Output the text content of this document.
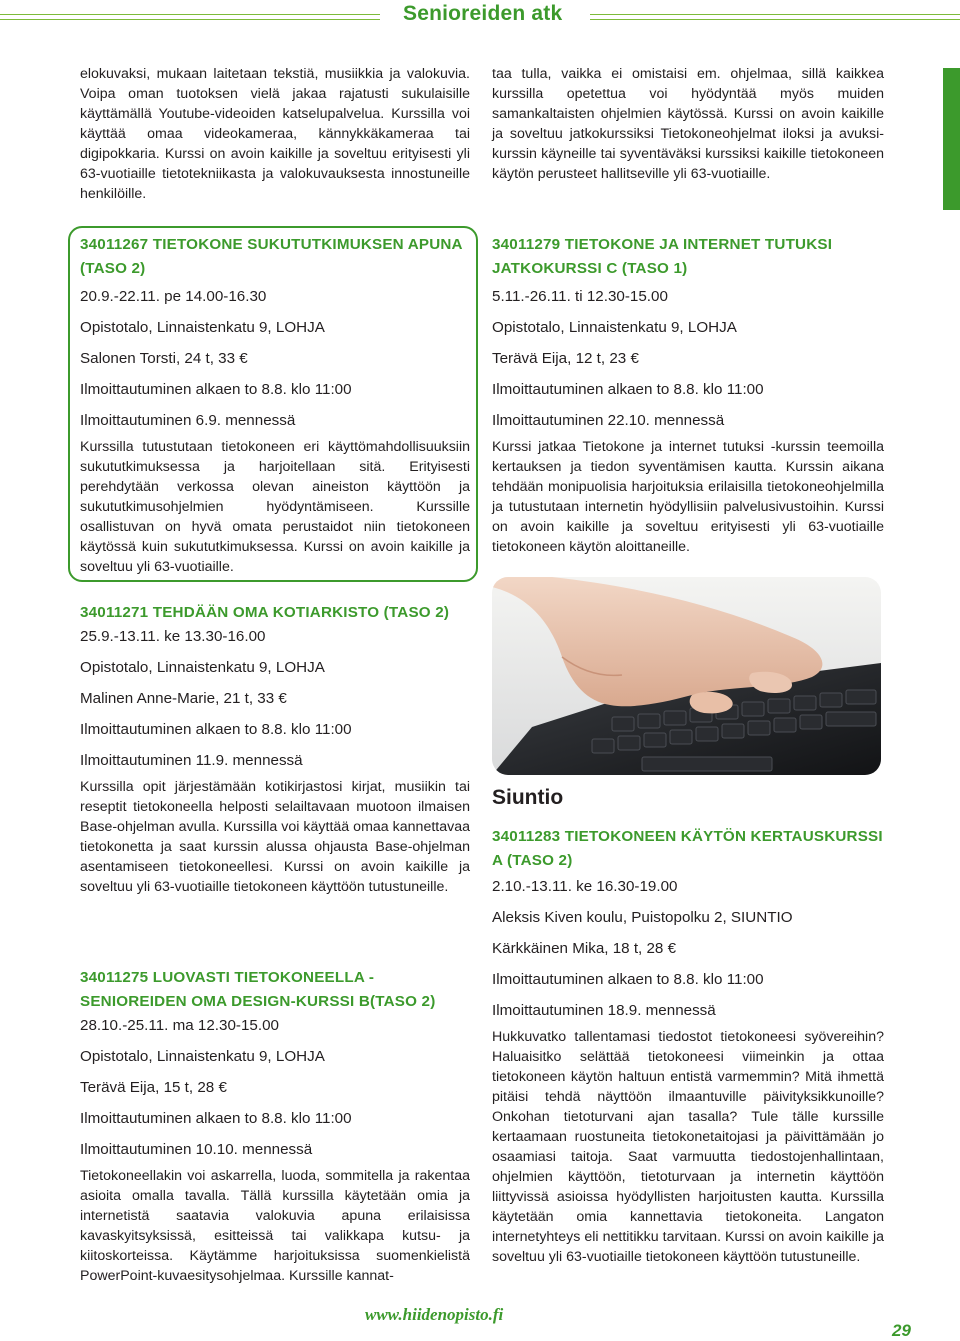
Senioreiden atk

elokuvaksi, mukaan laitetaan tekstiä, musiikkia ja valokuvia. Voipa oman tuotoksen vielä jakaa rajatusti sukulaisille käyttämällä Youtube-videoiden katselupalvelua. Kurssilla voi käyttää omaa videokameraa, kännykkäkameraa tai digipokkaria. Kurssi on avoin kaikille ja soveltuu erityisesti yli 63-vuotiaille tietotekniikasta ja valokuvauksesta innostuneille henkilöille.

taa tulla, vaikka ei omistaisi em. ohjelmaa, sillä kaikkea kurssilla opetettua voi hyödyntää myös muiden samankaltaisten ohjelmien käytössä. Kurssi on avoin kaikille ja soveltuu jatkokurssiksi Tietokoneohjelmat iloksi ja avuksi-kurssin käyneille tai syventäväksi kurssiksi kaikille tietokoneen käytön perusteet hallitseville yli 63-vuotiaille.

34011267 TIETOKONE SUKUTUTKIMUKSEN APUNA (TASO 2)

20.9.-22.11. pe 14.00-16.30

Opistotalo, Linnaistenkatu 9, LOHJA

Salonen Torsti, 24 t, 33 €

Ilmoittautuminen alkaen to 8.8. klo 11:00

Ilmoittautuminen 6.9. mennessä

Kurssilla tutustutaan tietokoneen eri käyttömahdollisuuksiin sukututkimuksessa ja harjoitellaan sitä. Erityisesti perehdytään verkossa olevan aineiston käyttöön ja sukututkimusohjelmien hyödyntämiseen. Kurssille osallistuvan on hyvä omata perustaidot niin tietokoneen käytössä kuin sukututkimuksessa. Kurssi on avoin kaikille ja soveltuu yli 63-vuotiaille.

34011271 TEHDÄÄN OMA KOTIARKISTO (TASO 2)

25.9.-13.11. ke 13.30-16.00

Opistotalo, Linnaistenkatu 9, LOHJA

Malinen Anne-Marie, 21 t, 33 €

Ilmoittautuminen alkaen to 8.8. klo 11:00

Ilmoittautuminen 11.9. mennessä

Kurssilla opit järjestämään kotikirjastosi kirjat, musiikin tai reseptit tietokoneella helposti selailtavaan muotoon ilmaisen Base-ohjelman avulla. Kurssilla voi käyttää omaa kannettavaa tietokonetta ja saat kurssin alussa ohjausta Base-ohjelman asentamiseen tietokoneellesi. Kurssi on avoin kaikille ja soveltuu yli 63-vuotiaille tietokoneen käyttöön tutustuneille.

34011275 LUOVASTI TIETOKONEELLA - SENIOREIDEN OMA DESIGN-KURSSI B(TASO 2)

28.10.-25.11. ma 12.30-15.00

Opistotalo, Linnaistenkatu 9, LOHJA

Terävä Eija, 15 t, 28 €

Ilmoittautuminen alkaen to 8.8. klo 11:00

Ilmoittautuminen 10.10. mennessä

Tietokoneellakin voi askarrella, luoda, sommitella ja rakentaa asioita omalla tavalla. Tällä kurssilla käytetään omia ja internetistä saatavia valokuvia apuna erilaisissa kavaskyitsyksissä, esitteissä tai valikkapa kutsu- ja kiitoskorteissa. Käytämme harjoituksissa suomenkielistä PowerPoint-kuvaesitysohjelmaa. Kurssille kannat-

34011279 TIETOKONE JA INTERNET TUTUKSI JATKOKURSSI C (TASO 1)

5.11.-26.11. ti 12.30-15.00

Opistotalo, Linnaistenkatu 9, LOHJA

Terävä Eija, 12 t, 23 €

Ilmoittautuminen alkaen to 8.8. klo 11:00

Ilmoittautuminen 22.10. mennessä

Kurssi jatkaa Tietokone ja internet tutuksi -kurssin teemoilla kertauksen ja tiedon syventämisen kautta. Kurssin aikana tehdään monipuolisia harjoituksia erilaisilla tietokoneohjelmilla ja tutustutaan internetin hyödyllisiin palvelusivustoihin. Kurssi on avoin kaikille ja soveltuu erityisesti yli 63-vuotiaille tietokoneen käytön aloittaneille.

Siuntio

34011283 TIETOKONEEN KÄYTÖN KERTAUSKURSSI A (TASO 2)

2.10.-13.11. ke 16.30-19.00

Aleksis Kiven koulu, Puistopolku 2, SIUNTIO

Kärkkäinen Mika, 18 t, 28 €

Ilmoittautuminen alkaen to 8.8. klo 11:00

Ilmoittautuminen 18.9. mennessä

Hukkuvatko tallentamasi tiedostot tietokoneesi syövereihin? Haluaisitko selättää tietokoneesi viimeinkin ja ottaa tietokoneen käytön haltuun entistä varmemmin? Mitä ihmettä pitäisi tehdä näyttöön ilmaantuville päivityksikkunoille? Onkohan tietoturvani ajan tasalla? Tule tälle kurssille kertaamaan ruostuneita tietokonetaitojasi ja päivittämään jo osaamiasi taitoja. Saat varmuutta tiedostojenhallintaan, ohjelmien käyttöön, tietoturvaan ja internetin käyttöön liittyvissä asioissa hyödyllisten harjoitusten kautta. Kurssilla käytetään omia kannettavia tietokoneita. Langaton internetyhteys eli nettitikku tarvitaan. Kurssi on avoin kaikille ja soveltuu yli 63-vuotiaille tietokoneen käyttöön tutustuneille.

www.hiidenopisto.fi
29
